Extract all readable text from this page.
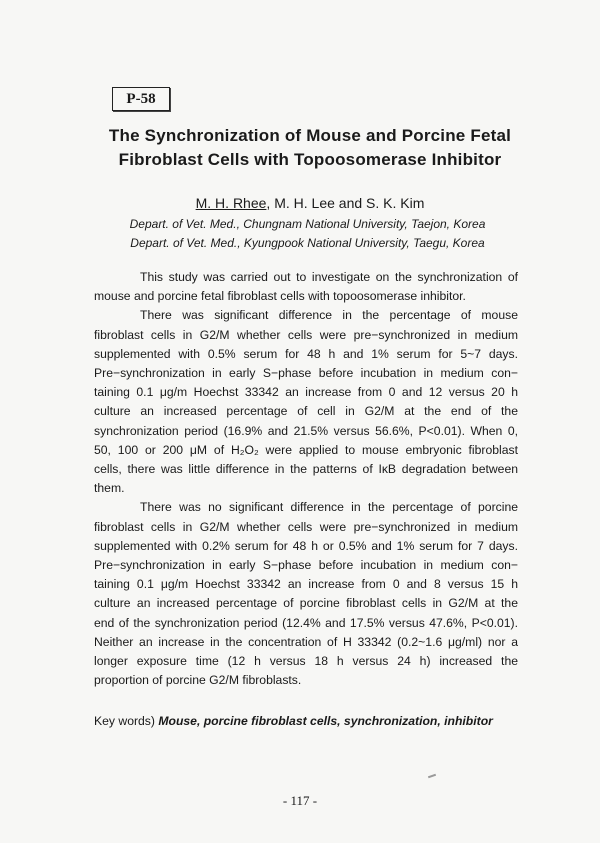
P-58
The Synchronization of Mouse and Porcine Fetal
Fibroblast Cells with Topoosomerase Inhibitor
M. H. Rhee, M. H. Lee and S. K. Kim
Depart. of Vet. Med., Chungnam National University, Taejon, Korea
Depart. of Vet. Med., Kyungpook National University, Taegu, Korea
This study was carried out to investigate on the synchronization of
mouse and porcine fetal fibroblast cells with topoosomerase inhibitor.
There was significant difference in the percentage of mouse
fibroblast cells in G2/M whether cells were pre−synchronized in medium
supplemented with 0.5% serum for 48 h and 1% serum for 5~7 days.
Pre−synchronization in early S−phase before incubation in medium con−
taining 0.1 μg/m Hoechst 33342 an increase from 0 and 12 versus 20 h
culture an increased percentage of cell in G2/M at the end of the
synchronization period (16.9% and 21.5% versus 56.6%, P<0.01). When 0,
50, 100 or 200 μM of H₂O₂ were applied to mouse embryonic fibroblast
cells, there was little difference in the patterns of IκB degradation between
them.
There was no significant difference in the percentage of porcine
fibroblast cells in G2/M whether cells were pre−synchronized in medium
supplemented with 0.2% serum for 48 h or 0.5% and 1% serum for 7 days.
Pre−synchronization in early S−phase before incubation in medium con−
taining 0.1 μg/m Hoechst 33342 an increase from 0 and 8 versus 15 h
culture an increased percentage of porcine fibroblast cells in G2/M at the
end of the synchronization period (12.4% and 17.5% versus 47.6%, P<0.01).
Neither an increase in the concentration of H 33342 (0.2~1.6 μg/ml) nor a
longer exposure time (12 h versus 18 h versus 24 h) increased the
proportion of porcine G2/M fibroblasts.
Key words) Mouse, porcine fibroblast cells, synchronization, inhibitor
- 117 -
